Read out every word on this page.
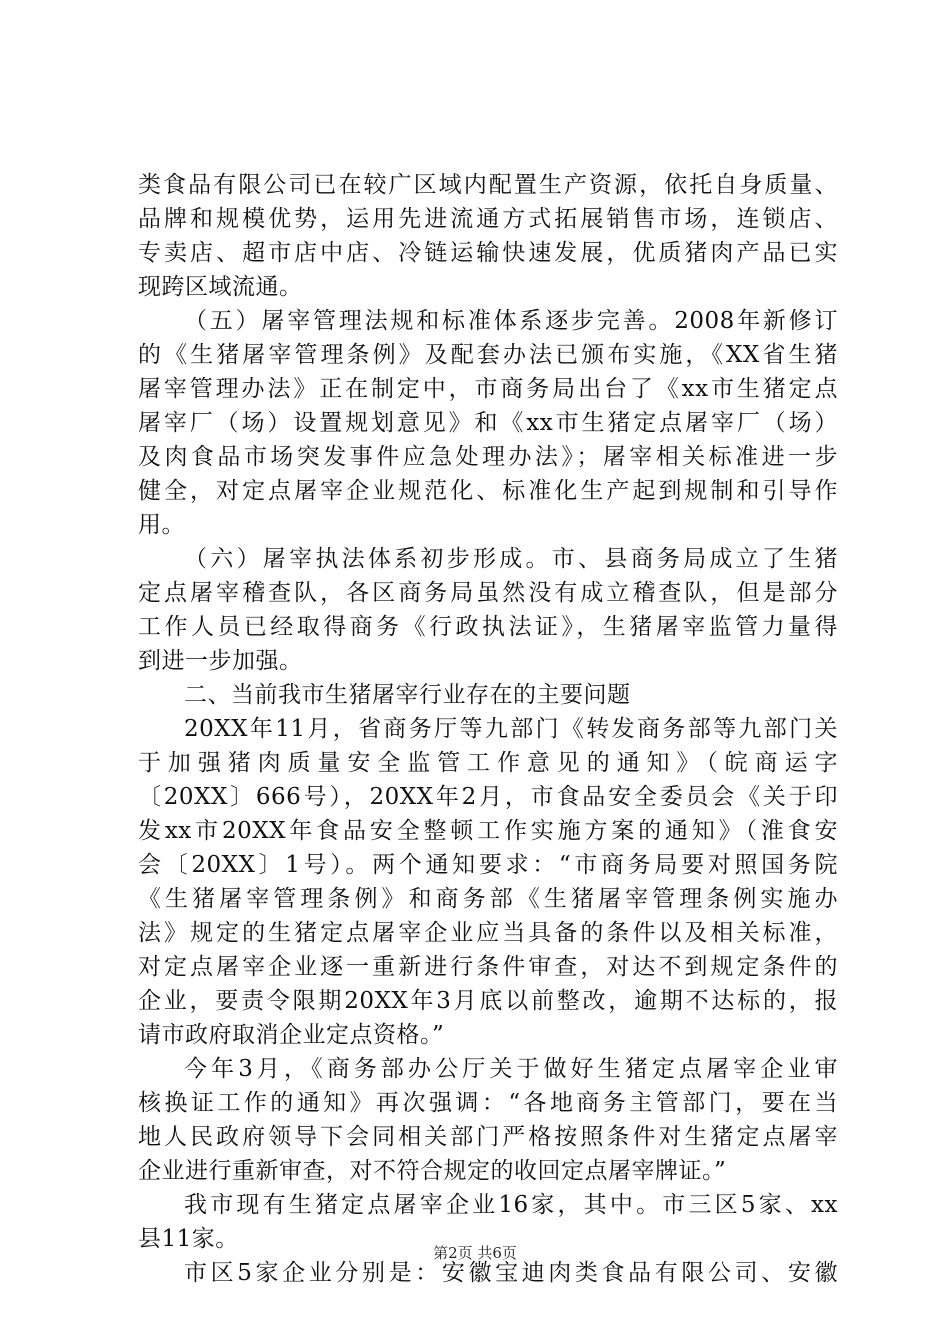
类食品有限公司已在较广区域内配置生产资源，依托自身质量、
品牌和规模优势，运用先进流通方式拓展销售市场，连锁店、
专卖店、超市店中店、冷链运输快速发展，优质猪肉产品已实
现跨区域流通。
（五）屠宰管理法规和标准体系逐步完善。2008年新修订
的《生猪屠宰管理条例》及配套办法已颁布实施，《XX省生猪
屠宰管理办法》正在制定中，市商务局出台了《xx市生猪定点
屠宰厂（场）设置规划意见》和《xx市生猪定点屠宰厂（场）
及肉食品市场突发事件应急处理办法》；屠宰相关标准进一步
健全，对定点屠宰企业规范化、标准化生产起到规制和引导作
用。
（六）屠宰执法体系初步形成。市、县商务局成立了生猪
定点屠宰稽查队，各区商务局虽然没有成立稽查队，但是部分
工作人员已经取得商务《行政执法证》，生猪屠宰监管力量得
到进一步加强。
二、当前我市生猪屠宰行业存在的主要问题
20XX年11月，省商务厅等九部门《转发商务部等九部门关
于加强猪肉质量安全监管工作意见的通知》（皖商运字
〔20XX〕666号），20XX年2月，市食品安全委员会《关于印
发xx市20XX年食品安全整顿工作实施方案的通知》（淮食安
会〔20XX〕1号）。两个通知要求：“市商务局要对照国务院
《生猪屠宰管理条例》和商务部《生猪屠宰管理条例实施办
法》规定的生猪定点屠宰企业应当具备的条件以及相关标准，
对定点屠宰企业逐一重新进行条件审查，对达不到规定条件的
企业，要责令限期20XX年3月底以前整改，逾期不达标的，报
请市政府取消企业定点资格。”
今年3月，《商务部办公厅关于做好生猪定点屠宰企业审
核换证工作的通知》再次强调：“各地商务主管部门，要在当
地人民政府领导下会同相关部门严格按照条件对生猪定点屠宰
企业进行重新审查，对不符合规定的收回定点屠宰牌证。”
我市现有生猪定点屠宰企业16家，其中。市三区5家、xx
县11家。
市区5家企业分别是：安徽宝迪肉类食品有限公司、安徽
第2页 共6页
